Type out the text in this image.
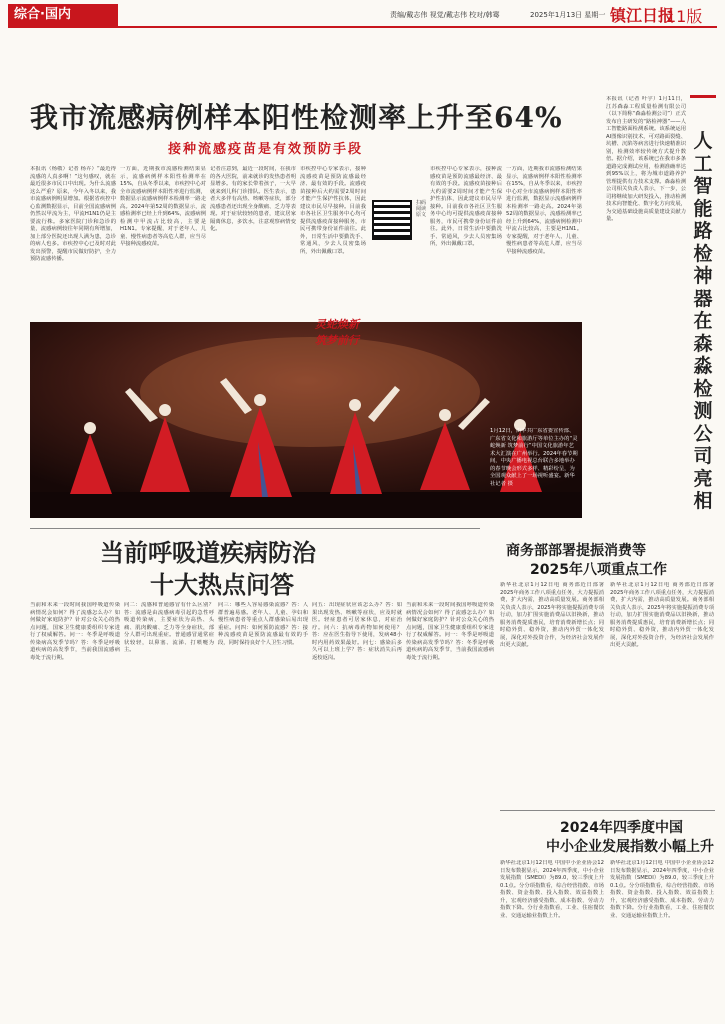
综合·国内	责编/戴志伟 视觉/戴志伟 校对/韩骞	2025年1月13日 星期一 镇江日报
11版
我市流感病例样本阳性检测率上升至64%
接种流感疫苗是有效预防手段
本报讯（杨敬）记者 杨卉）“最近得流感的人真多啊！”这句感叹，就在最近很多市民口中出现。为什么流感这么严重？原来，今年入冬以来，我市流感病例明显增加。根据省疾控中心监测数据显示，目前全国流感病例仍然以甲流为主，甲流H1N1仍是主要流行株。多家医院门诊和急诊的量，流感病例较往年同期有所增加，加上部分医院还出现人满为患，急诊的病人也多。市疾控中心已及时对此发出预警，提醒市民做好防护，全力预防流感传播。
一方面，近期我市流感检测结果显示，流感病例样本阳性检测率在15%，自从冬季以来，市疾控中心对全市流感病例样本阳性率进行监测，数据显示流感病例样本检测率一路走高。2024年第52周的数据显示，流感检测率已经上升到64%，流感病例检测中甲流占比较高，主要是H1N1。专家提醒，对于老年人、儿童、慢性病患者等高危人群，应当尽早接种流感疫苗。
记者注意到，最近一段时间，在我市的各大医院，前来就诊的发热患者明显增多。有的家长带着孩子，一大早就来到儿科门诊排队。医生表示，患者大多伴有高热、咳嗽等症状，部分流感患者还出现全身酸痛、乏力等表现。对于症状较轻的患者，建议居家隔离休息，多饮水，注意观察病情变化。
市疾控中心专家表示，接种流感疫苗是预防流感最经济、最有效的手段。流感疫苗接种后大约需要2周时间才能产生保护性抗体，因此建议市民尽早接种。目前我市各社区卫生服务中心均可提供流感疫苗接种服务，市民可携带身份证件前往。此外，日常生活中要勤洗手、常通风，少去人员密集场所，外出佩戴口罩。
扫码阅读原文
市疾控中心专家表示，接种流感疫苗是预防流感最经济、最有效的手段。流感疫苗接种后大约需要2周时间才能产生保护性抗体，因此建议市民尽早接种。目前我市各社区卫生服务中心均可提供流感疫苗接种服务，市民可携带身份证件前往。此外，日常生活中要勤洗手、常通风，少去人员密集场所，外出佩戴口罩。
一方面，近期我市流感检测结果显示，流感病例样本阳性检测率在15%，自从冬季以来，市疾控中心对全市流感病例样本阳性率进行监测，数据显示流感病例样本检测率一路走高。2024年第52周的数据显示，流感检测率已经上升到64%，流感病例检测中甲流占比较高，主要是H1N1。专家提醒，对于老年人、儿童、慢性病患者等高危人群，应当尽早接种流感疫苗。
灵蛇焕新
筑梦前行
1月12日，由中共广东省委宣传部、广东省文化和旅游厅等单位主办的“灵蛇焕新 筑梦前行”中国文化旅游年艺术大汇演在广州举行。2024年春节期间，中央广播电视总台联合多地举办的春节晚会形式多样、精彩纷呈，为全国观众献上了一场视听盛宴。新华社记者 摄
本报讯（记者 叶宇）1月11日，江苏森淼工程质量检测有限公司（以下简称“森淼检测公司”）正式发布自主研发的“路检神器”——人工智能路面检测系统。该系统运用AI图像识别技术，可对路面裂缝、坑槽、沉陷等病害进行快速精准识别，检测效率较传统方式提升数倍。据介绍，该系统已在我市多条道路完成测试应用，检测准确率达到95%以上，将为城市道路养护管理提供有力技术支撑。森淼检测公司相关负责人表示，下一步，公司将继续加大研发投入，推动检测技术向智能化、数字化方向发展，为交通基础设施高质量建设贡献力量。
人工智能路检神器在森淼检测公司亮相
当前呼吸道疾病防治
十大热点问答
当前和未来一段时间我国呼吸道传染病情况会如何？得了流感怎么办？如何做好家庭防护？针对公众关心的热点问题，国家卫生健康委组织专家进行了权威解答。问一：冬季是呼吸道传染病高发季节吗？答：冬季是呼吸道疾病的高发季节，当前我国流感病毒处于流行期。
问二：流感和普通感冒有什么区别？答：流感是由流感病毒引起的急性呼吸道传染病，主要症状为高热、头痛、肌肉酸痛、乏力等全身症状，部分人群可出现重症。普通感冒通常症状较轻，以鼻塞、流涕、打喷嚏为主。
问三：哪些人容易感染流感？答：人群普遍易感。老年人、儿童、孕妇和慢性病患者等重点人群感染后易出现重症。问四：如何预防流感？答：接种流感疫苗是预防流感最有效的手段，同时保持良好个人卫生习惯。
问五：出现症状应该怎么办？答：如果出现发热、咳嗽等症状，应及时就医。轻症患者可居家休息，对症治疗。问六：抗病毒药物如何使用？答：应在医生指导下使用，发病48小时内用药效果最好。问七：感染后多久可以上班上学？答：症状消失后再返校返岗。
当前和未来一段时间我国呼吸道传染病情况会如何？得了流感怎么办？如何做好家庭防护？针对公众关心的热点问题，国家卫生健康委组织专家进行了权威解答。问一：冬季是呼吸道传染病高发季节吗？答：冬季是呼吸道疾病的高发季节，当前我国流感病毒处于流行期。
商务部部署提振消费等
2025年八项重点工作
新华社北京1月12日电 商务部近日部署2025年商务工作八项重点任务，大力提振消费，扩大内需，推动高质量发展。商务部相关负责人表示，2025年将实施提振消费专项行动，加力扩围实施消费品以旧换新，推动服务消费提质惠民，培育消费新增长点；同时稳外贸、稳外资，推动内外贸一体化发展，深化对外投资合作，为经济社会发展作出更大贡献。
新华社北京1月12日电 商务部近日部署2025年商务工作八项重点任务，大力提振消费，扩大内需，推动高质量发展。商务部相关负责人表示，2025年将实施提振消费专项行动，加力扩围实施消费品以旧换新，推动服务消费提质惠民，培育消费新增长点；同时稳外贸、稳外资，推动内外贸一体化发展，深化对外投资合作，为经济社会发展作出更大贡献。
2024年四季度中国
中小企业发展指数小幅上升
新华社北京1月12日电 中国中小企业协会12日发布数据显示，2024年四季度，中小企业发展指数（SMEDI）为89.0，较三季度上升0.1点。分分项指数看，综合经营指数、市场指数、资金指数、投入指数、效益指数上升，宏观经济感受指数、成本指数、劳动力指数下降。分行业指数看，工业、住宿餐饮业、交通运输业指数上升。
新华社北京1月12日电 中国中小企业协会12日发布数据显示，2024年四季度，中小企业发展指数（SMEDI）为89.0，较三季度上升0.1点。分分项指数看，综合经营指数、市场指数、资金指数、投入指数、效益指数上升，宏观经济感受指数、成本指数、劳动力指数下降。分行业指数看，工业、住宿餐饮业、交通运输业指数上升。
